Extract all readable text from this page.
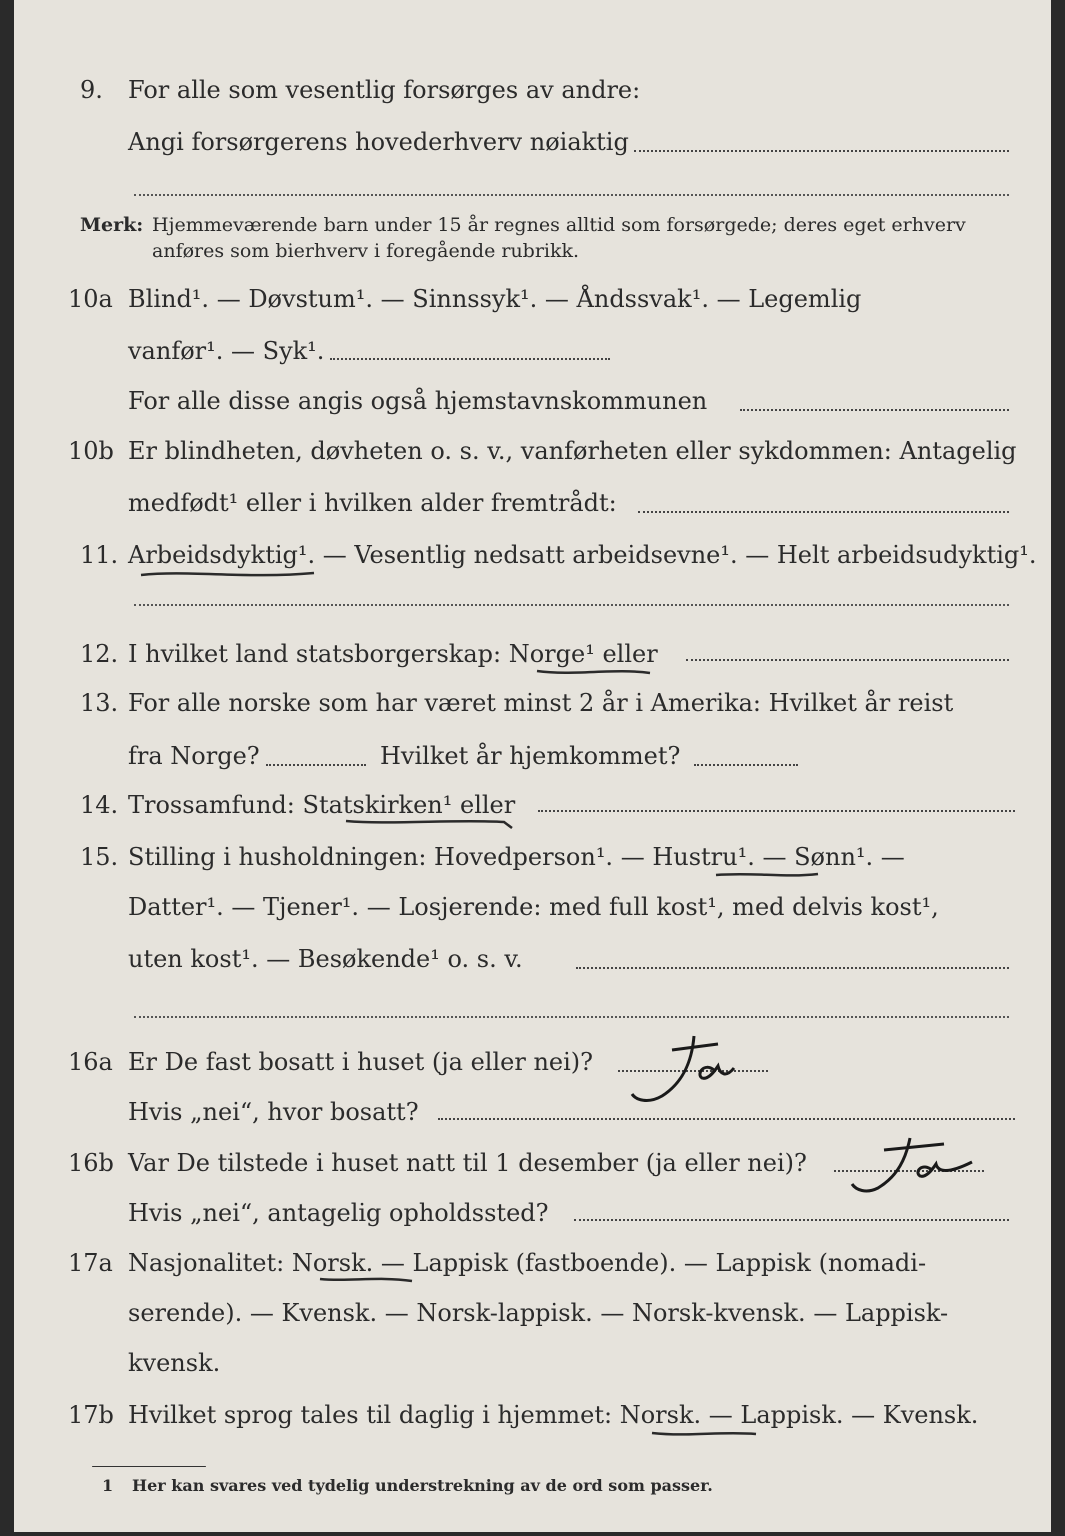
9. For alle som vesentlig forsørges av andre:
Angi forsørgerens hovederhverv nøiaktig
Merk: Hjemmeværende barn under 15 år regnes alltid som forsørgede; deres eget erhverv
anføres som bierhverv i foregående rubrikk.
10a Blind¹. — Døvstum¹. — Sinnssyk¹. — Åndssvak¹. — Legemlig
vanfør¹. — Syk¹.
For alle disse angis også hjemstavnskommunen
10b Er blindheten, døvheten o. s. v., vanførheten eller sykdommen: Antagelig
medfødt¹ eller i hvilken alder fremtrådt:
11. Arbeidsdyktig¹. — Vesentlig nedsatt arbeidsevne¹. — Helt arbeidsudyktig¹.
12. I hvilket land statsborgerskap: Norge¹ eller
13. For alle norske som har været minst 2 år i Amerika: Hvilket år reist
fra Norge?	Hvilket år hjemkommet?
14. Trossamfund: Statskirken¹ eller
15. Stilling i husholdningen: Hovedperson¹. — Hustru¹. — Sønn¹. —
Datter¹. — Tjener¹. — Losjerende: med full kost¹, med delvis kost¹,
uten kost¹. — Besøkende¹ o. s. v.
16a Er De fast bosatt i huset (ja eller nei)?
Hvis „nei“, hvor bosatt?
16b Var De tilstede i huset natt til 1 desember (ja eller nei)?
Hvis „nei“, antagelig opholdssted?
17a Nasjonalitet: Norsk. — Lappisk (fastboende). — Lappisk (nomadi-
serende). — Kvensk. — Norsk-lappisk. — Norsk-kvensk. — Lappisk-
kvensk.
17b Hvilket sprog tales til daglig i hjemmet: Norsk. — Lappisk. — Kvensk.
1 Her kan svares ved tydelig understrekning av de ord som passer.
